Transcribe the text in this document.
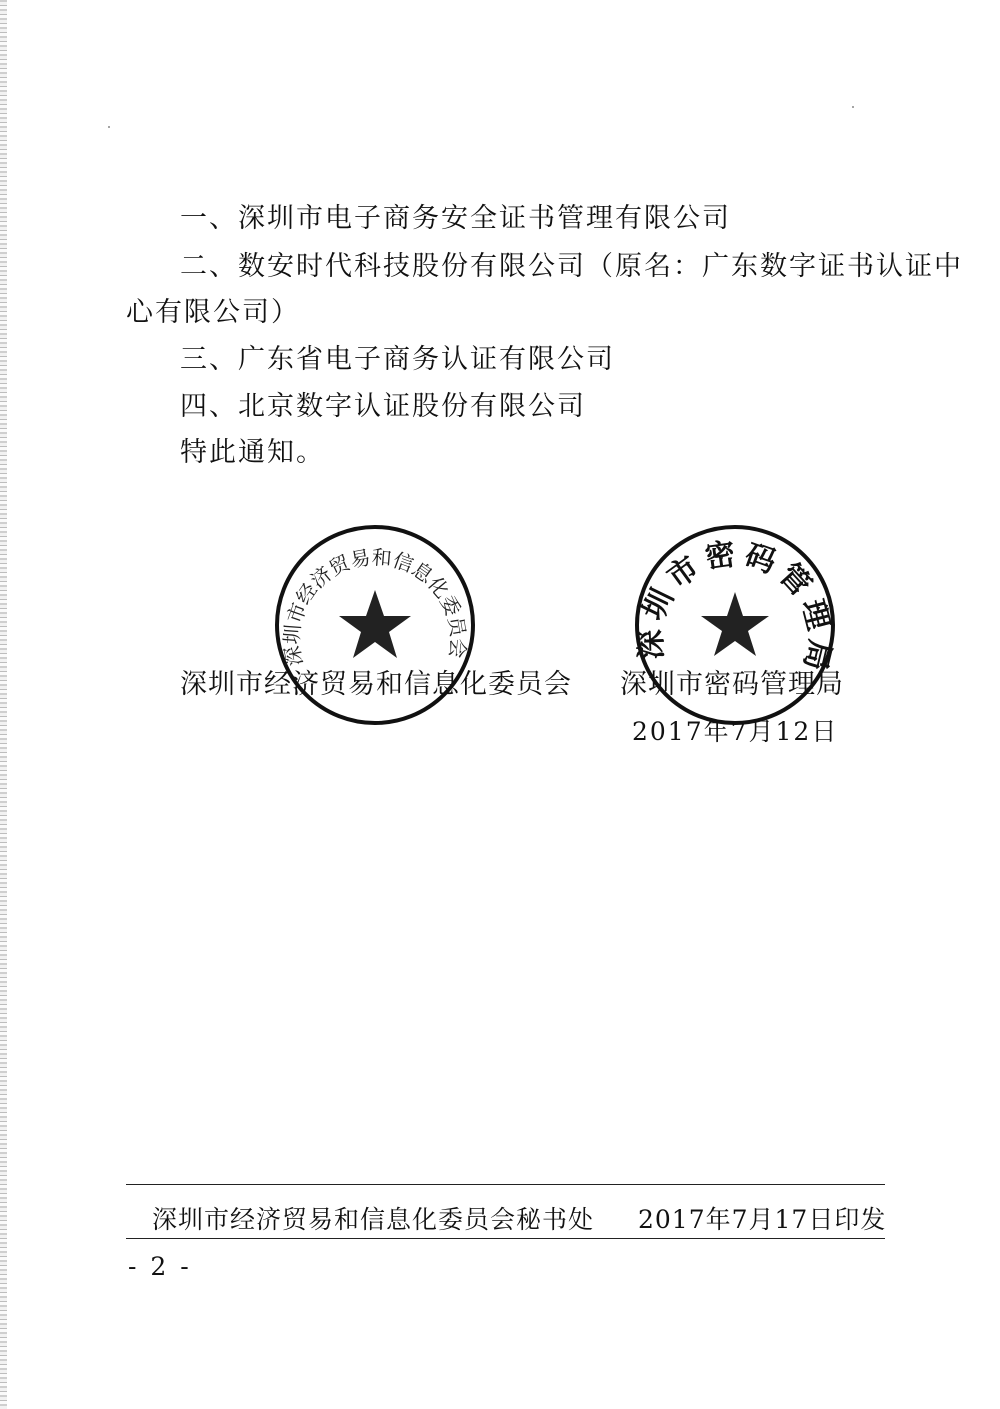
一、深圳市电子商务安全证书管理有限公司
二、数安时代科技股份有限公司（原名：广东数字证书认证中
心有限公司）
三、广东省电子商务认证有限公司
四、北京数字认证股份有限公司
特此通知。
深圳市经济贸易和信息化委员会	深圳市密码管理局
深圳市经济贸易和信息化委员会 深圳市密码管理局
2017年7月12日
深圳市经济贸易和信息化委员会秘书处 2017年7月17日印发
- 2 -
